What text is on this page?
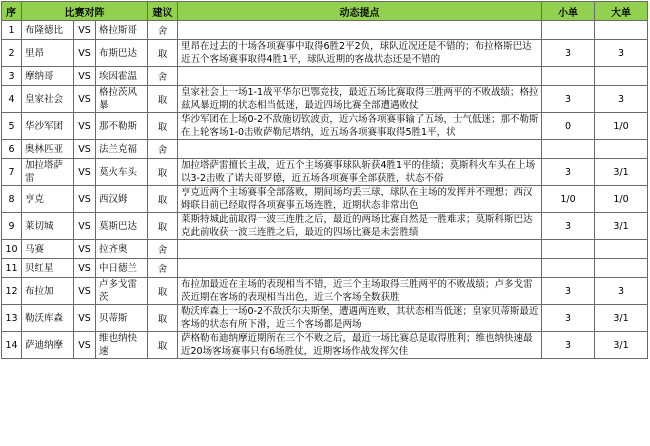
序	比赛对阵			建议	动态提点	小单	大单
1	布隆德比	VS	格拉斯哥	舍			
2	里昂	VS	布斯巴达	取	里昂在过去的十场各项赛事中取得6胜2平2负，球队近况还是不错的；布拉格斯巴达近五个客场赛事取得4胜1平，球队近期的客战状态还是不错的	3	3
3	摩纳哥	VS	埃因霍温	舍			
4	皇家社会	VS	格拉茨风暴	取	皇家社会上一场1-1战平华尔巴鄂竞技，最近五场比赛取得三胜两平的不败战绩；格拉兹风暴近期的状态相当低迷，最近四场比赛全部遭遇败仗	3	3
5	华沙军团	VS	那不勒斯	取	华沙军团在上场0-2不敌施切钦波贡，近六场各项赛事输了五场，士气低迷；那不勒斯在上轮客场1-0击败萨勒尼塔纳，近五场各项赛事取得5胜1平，状	0	1/0
6	奥林匹亚	VS	法兰克福	舍			
7	加拉塔萨雷	VS	莫火车头	取	加拉塔萨雷擅长主战，近五个主场赛事球队斩获4胜1平的佳绩；莫斯科火车头在上场以3-2击败了诺夫哥罗德，近五场各项赛事全部获胜，状态不俗	3	3/1
8	亨克	VS	西汉姆	取	亨克近两个主场赛事全部落败，期间场均丢三球，球队在主场的发挥并不理想；西汉姆联目前已经取得各项赛事五场连胜，近期状态非常出色	1/0	1/0
9	莱切城	VS	莫斯巴达	取	莱斯特城此前取得一波三连胜之后，最近的两场比赛自然是一胜难求；莫斯科斯巴达克此前收获一波三连胜之后，最近的四场比赛是未尝胜绩	3	3/1
10	马赛	VS	拉齐奥	舍			
11	贝红星	VS	中日德兰	舍			
12	布拉加	VS	卢多戈雷茨	取	布拉加最近在主场的表现相当不错，近三个主场取得三胜两平的不败战绩；卢多戈雷茨近期在客场的表现相当出色，近三个客场全数获胜	3	3
13	勒沃库森	VS	贝蒂斯	取	勒沃库森上一场0-2不敌沃尔夫斯堡，遭遇两连败，其状态相当低迷；皇家贝蒂斯最近客场的状态有所下滑，近三个客场都是两场	3	3/1
14	萨迪纳摩	VS	维也纳快速	取	萨格勒布迪纳摩近期所在三个不败之后，最近一场比赛总是取得胜利；维也纳快速最近20场客场赛事只有6场胜仗，近期客场作战发挥欠佳	3	3/1
